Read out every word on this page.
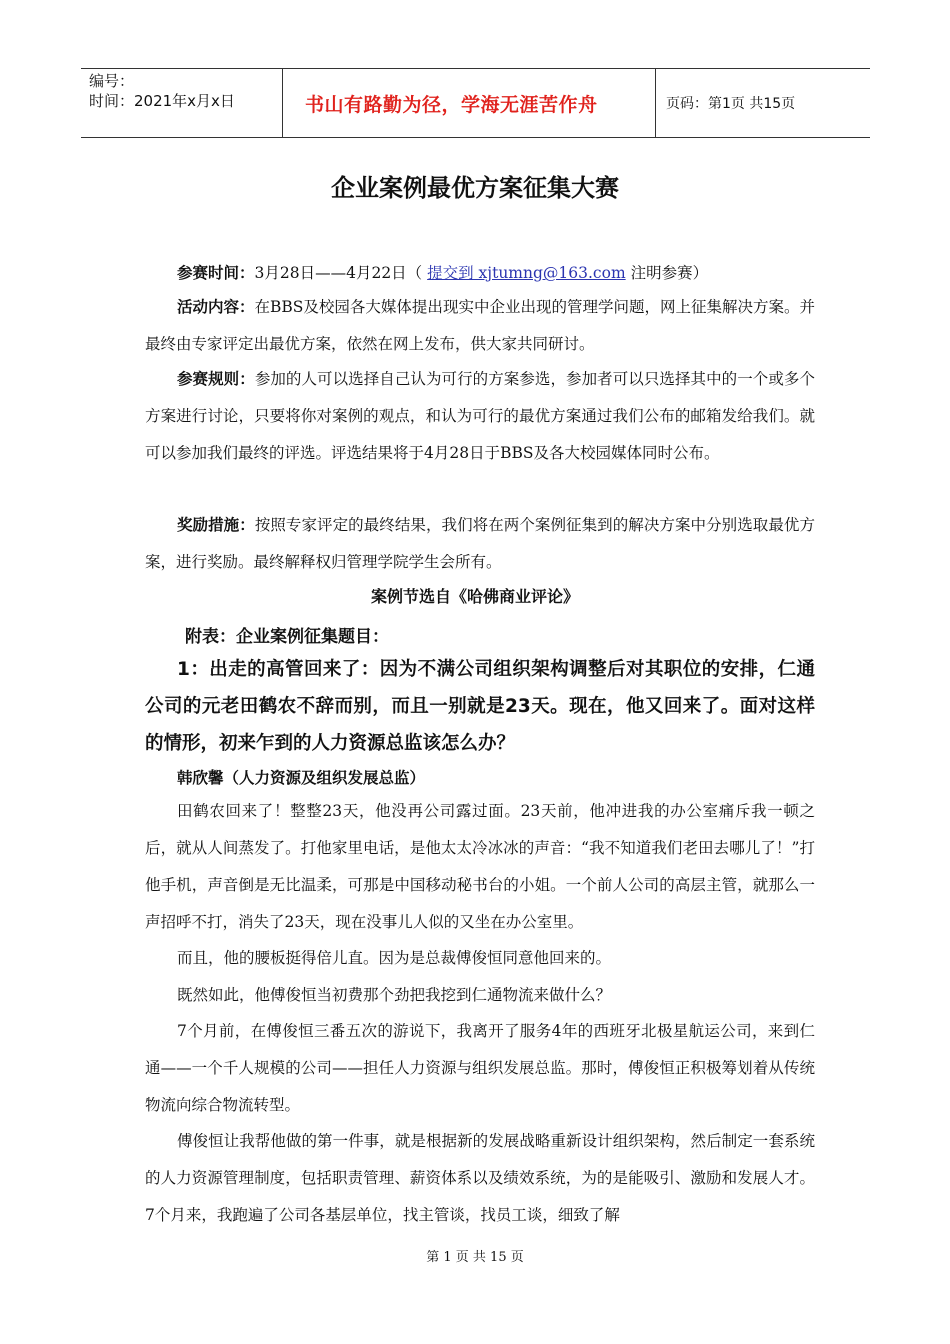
编号：
时间：2021年x月x日	书山有路勤为径，学海无涯苦作舟	页码：第1页 共15页
企业案例最优方案征集大赛
参赛时间：3月28日——4月22日（ 提交到 xjtumng@163.com 注明参赛）
活动内容：在BBS及校园各大媒体提出现实中企业出现的管理学问题，网上征集解决方案。并最终由专家评定出最优方案，依然在网上发布，供大家共同研讨。
参赛规则：参加的人可以选择自己认为可行的方案参选，参加者可以只选择其中的一个或多个方案进行讨论，只要将你对案例的观点，和认为可行的最优方案通过我们公布的邮箱发给我们。就可以参加我们最终的评选。评选结果将于4月28日于BBS及各大校园媒体同时公布。
奖励措施：按照专家评定的最终结果，我们将在两个案例征集到的解决方案中分别选取最优方案，进行奖励。最终解释权归管理学院学生会所有。
案例节选自《哈佛商业评论》
附表：企业案例征集题目：
1：出走的高管回来了：因为不满公司组织架构调整后对其职位的安排，仁通公司的元老田鹤农不辞而别，而且一别就是23天。现在，他又回来了。面对这样的情形，初来乍到的人力资源总监该怎么办？
韩欣馨（人力资源及组织发展总监）
田鹤农回来了！整整23天，他没再公司露过面。23天前，他冲进我的办公室痛斥我一顿之后，就从人间蒸发了。打他家里电话，是他太太冷冰冰的声音：“我不知道我们老田去哪儿了！”打他手机，声音倒是无比温柔，可那是中国移动秘书台的小姐。一个前人公司的高层主管，就那么一声招呼不打，消失了23天，现在没事儿人似的又坐在办公室里。
而且，他的腰板挺得倍儿直。因为是总裁傅俊恒同意他回来的。
既然如此，他傅俊恒当初费那个劲把我挖到仁通物流来做什么？
7个月前，在傅俊恒三番五次的游说下，我离开了服务4年的西班牙北极星航运公司，来到仁通——一个千人规模的公司——担任人力资源与组织发展总监。那时，傅俊恒正积极筹划着从传统物流向综合物流转型。
傅俊恒让我帮他做的第一件事，就是根据新的发展战略重新设计组织架构，然后制定一套系统的人力资源管理制度，包括职责管理、薪资体系以及绩效系统，为的是能吸引、激励和发展人才。7个月来，我跑遍了公司各基层单位，找主管谈，找员工谈，细致了解
第 1 页 共 15 页
